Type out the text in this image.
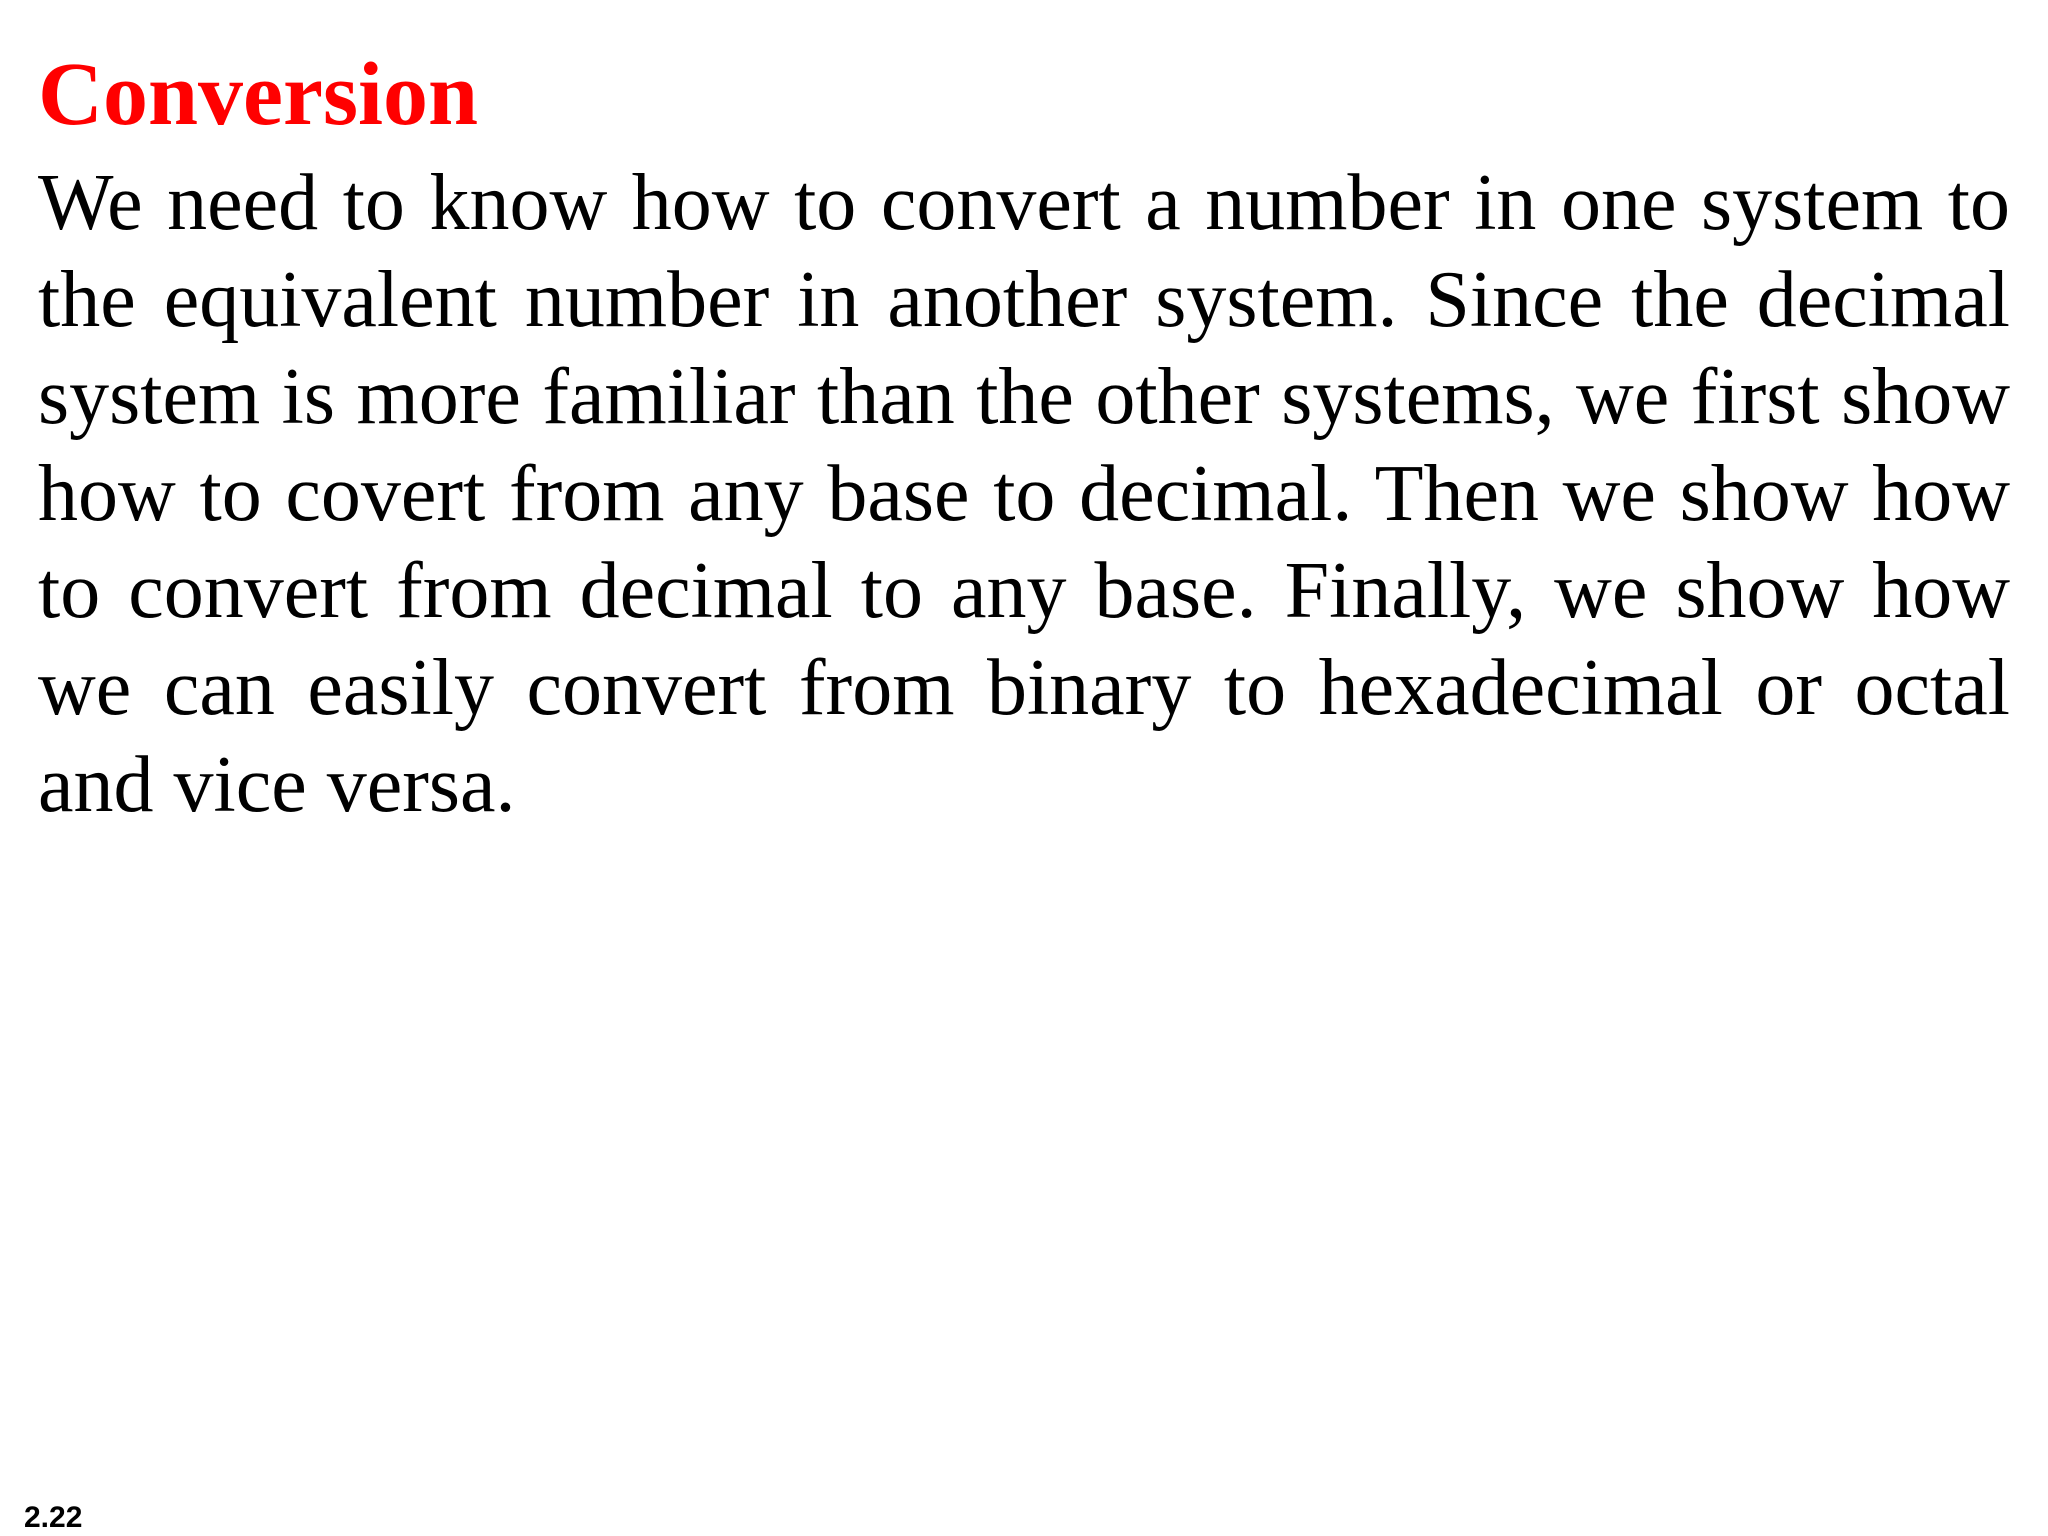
Conversion
We need to know how to convert a number in one system to
the equivalent number in another system. Since the decimal
system is more familiar than the other systems, we first show
how to covert from any base to decimal. Then we show how
to convert from decimal to any base. Finally, we show how
we can easily convert from binary to hexadecimal or octal
and vice versa.
2.22
